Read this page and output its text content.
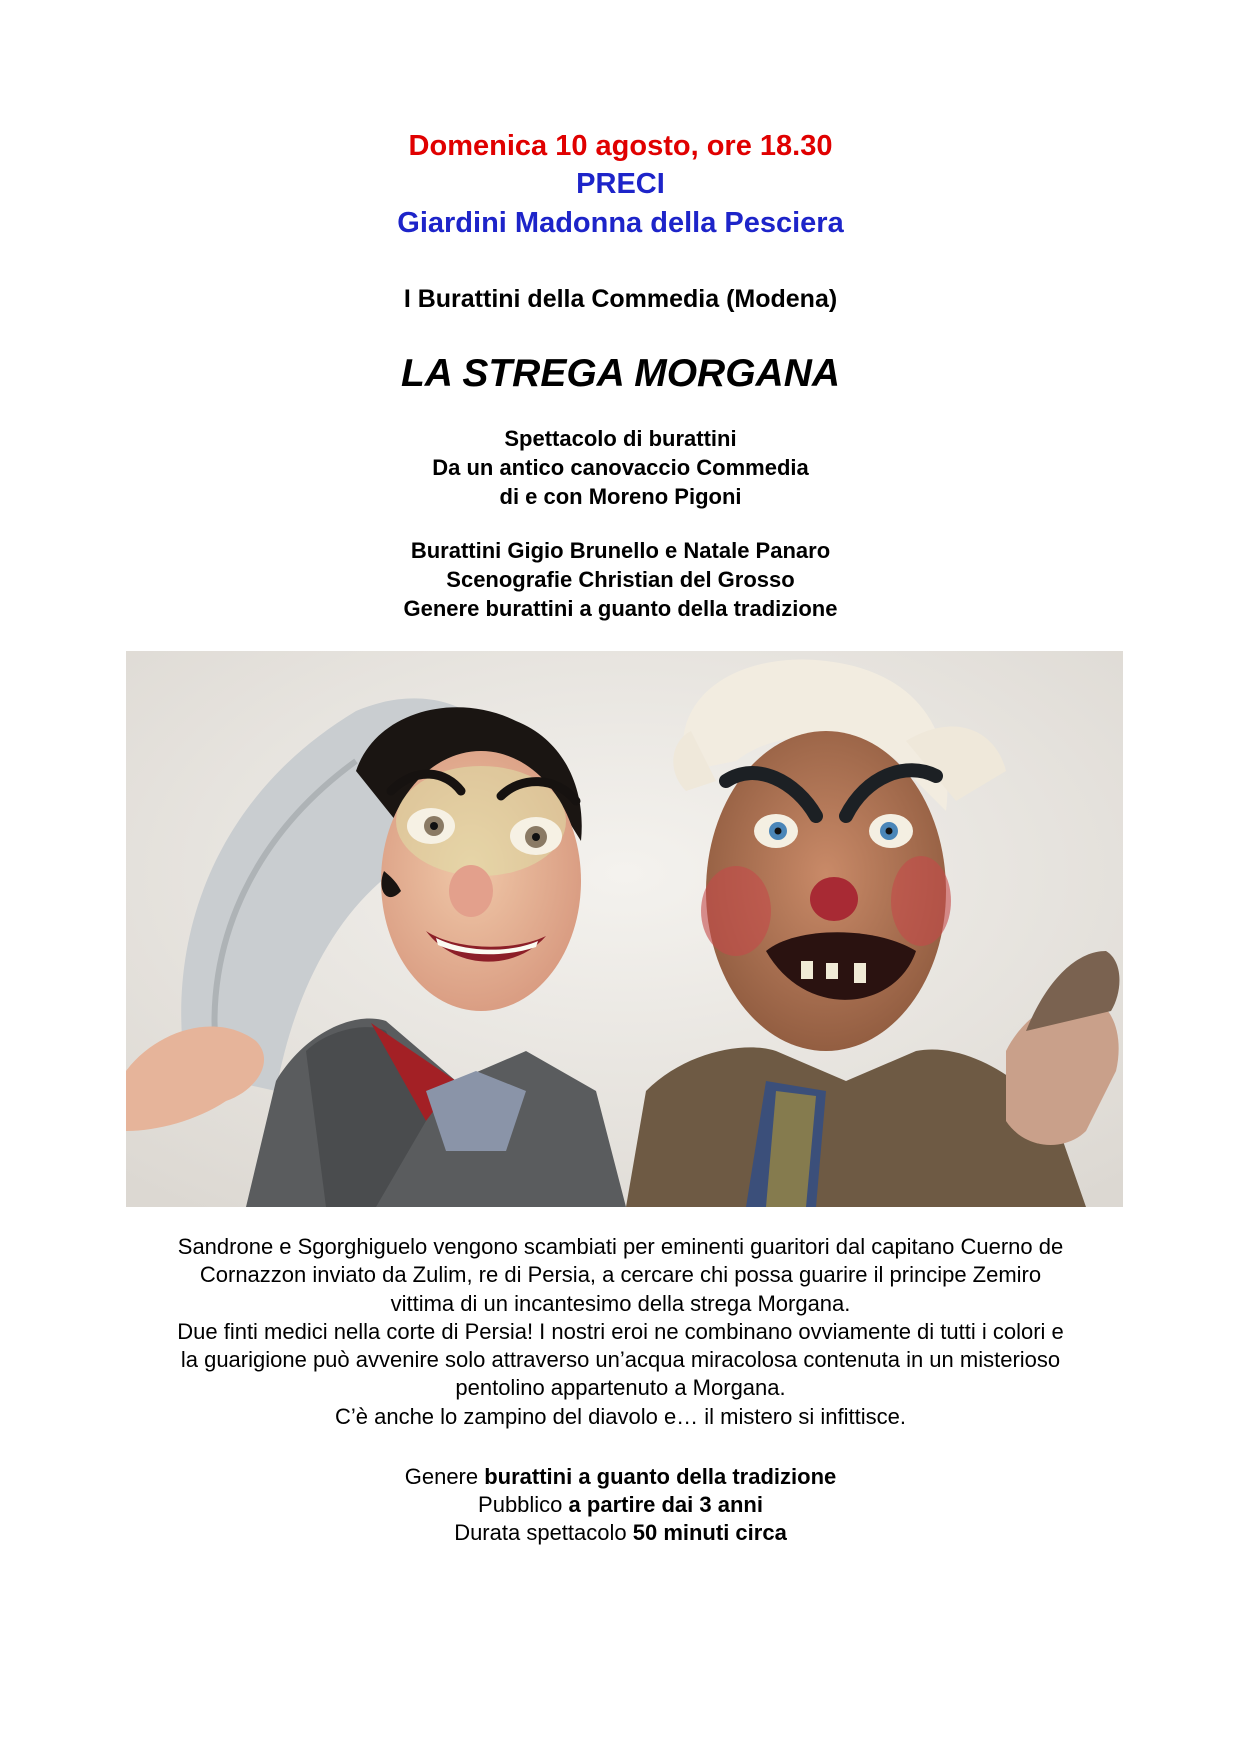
Domenica 10 agosto, ore 18.30
PRECI
Giardini Madonna della Pesciera
I Burattini della Commedia (Modena)
LA STREGA MORGANA
Spettacolo di burattini
Da un antico canovaccio Commedia
di e con Moreno Pigoni
Burattini Gigio Brunello e Natale Panaro
Scenografie Christian del Grosso
Genere burattini a guanto della tradizione
Sandrone e Sgorghiguelo vengono scambiati per eminenti guaritori dal capitano Cuerno de
Cornazzon inviato da Zulim, re di Persia, a cercare chi possa guarire il principe Zemiro
vittima di un incantesimo della strega Morgana.
Due finti medici nella corte di Persia! I nostri eroi ne combinano ovviamente di tutti i colori e
la guarigione può avvenire solo attraverso un’acqua miracolosa contenuta in un misterioso
pentolino appartenuto a Morgana.
C’è anche lo zampino del diavolo e… il mistero si infittisce.
Genere burattini a guanto della tradizione
Pubblico a partire dai 3 anni
Durata spettacolo 50 minuti circa
